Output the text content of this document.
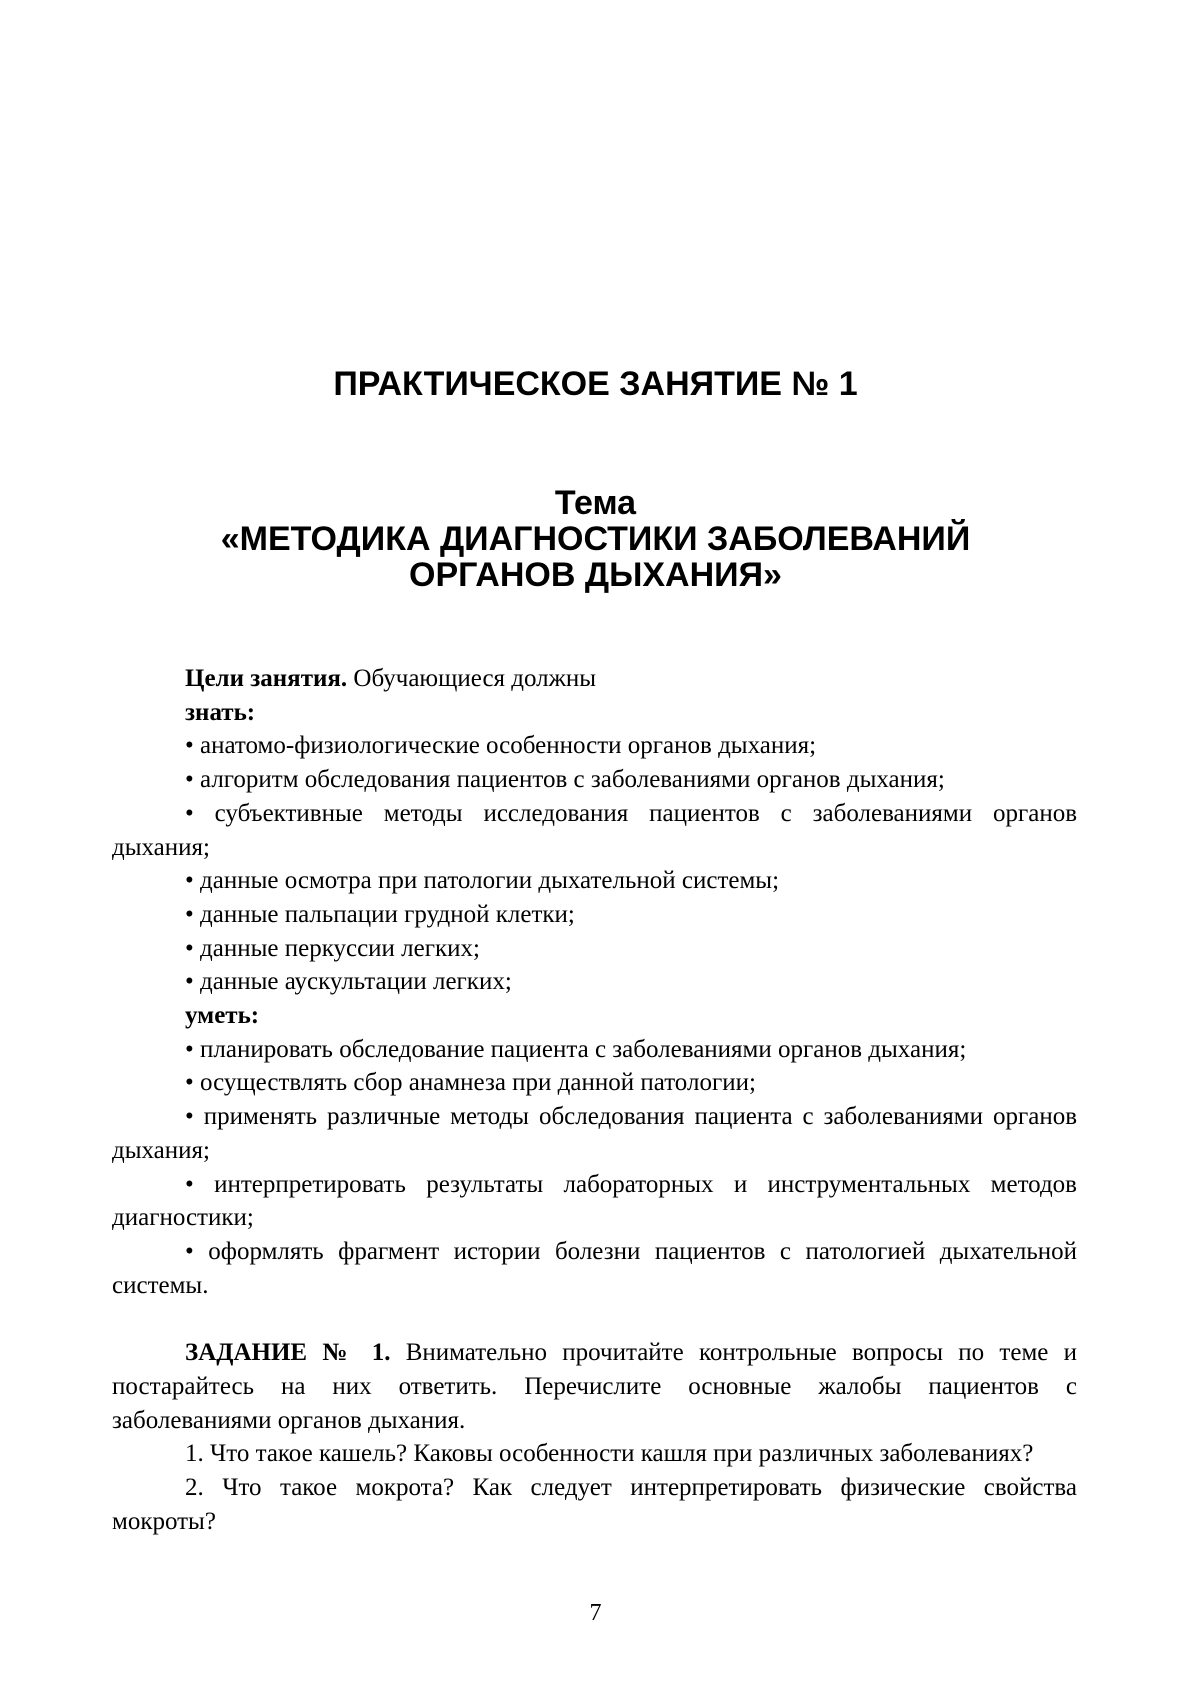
ПРАКТИЧЕСКОЕ ЗАНЯТИЕ № 1
Тема
«МЕТОДИКА ДИАГНОСТИКИ ЗАБОЛЕВАНИЙ
ОРГАНОВ ДЫХАНИЯ»

Цели занятия. Обучающиеся должны

знать:

• анатомо-физиологические особенности органов дыхания;

• алгоритм обследования пациентов с заболеваниями органов дыхания;

• субъективные методы исследования пациентов с заболеваниями органов дыхания;

• данные осмотра при патологии дыхательной системы;

• данные пальпации грудной клетки;

• данные перкуссии легких;

• данные аускультации легких;

уметь:

• планировать обследование пациента с заболеваниями органов дыхания;

• осуществлять сбор анамнеза при данной патологии;

• применять различные методы обследования пациента с заболеваниями органов дыхания;

• интерпретировать результаты лабораторных и инструментальных методов диагностики;

• оформлять фрагмент истории болезни пациентов с патологией дыхательной системы.

ЗАДАНИЕ № 1. Внимательно прочитайте контрольные вопросы по теме и постарайтесь на них ответить. Перечислите основные жалобы пациентов с заболеваниями органов дыхания.

1. Что такое кашель? Каковы особенности кашля при различных заболеваниях?

2. Что такое мокрота? Как следует интерпретировать физические свойства мокроты?

7
